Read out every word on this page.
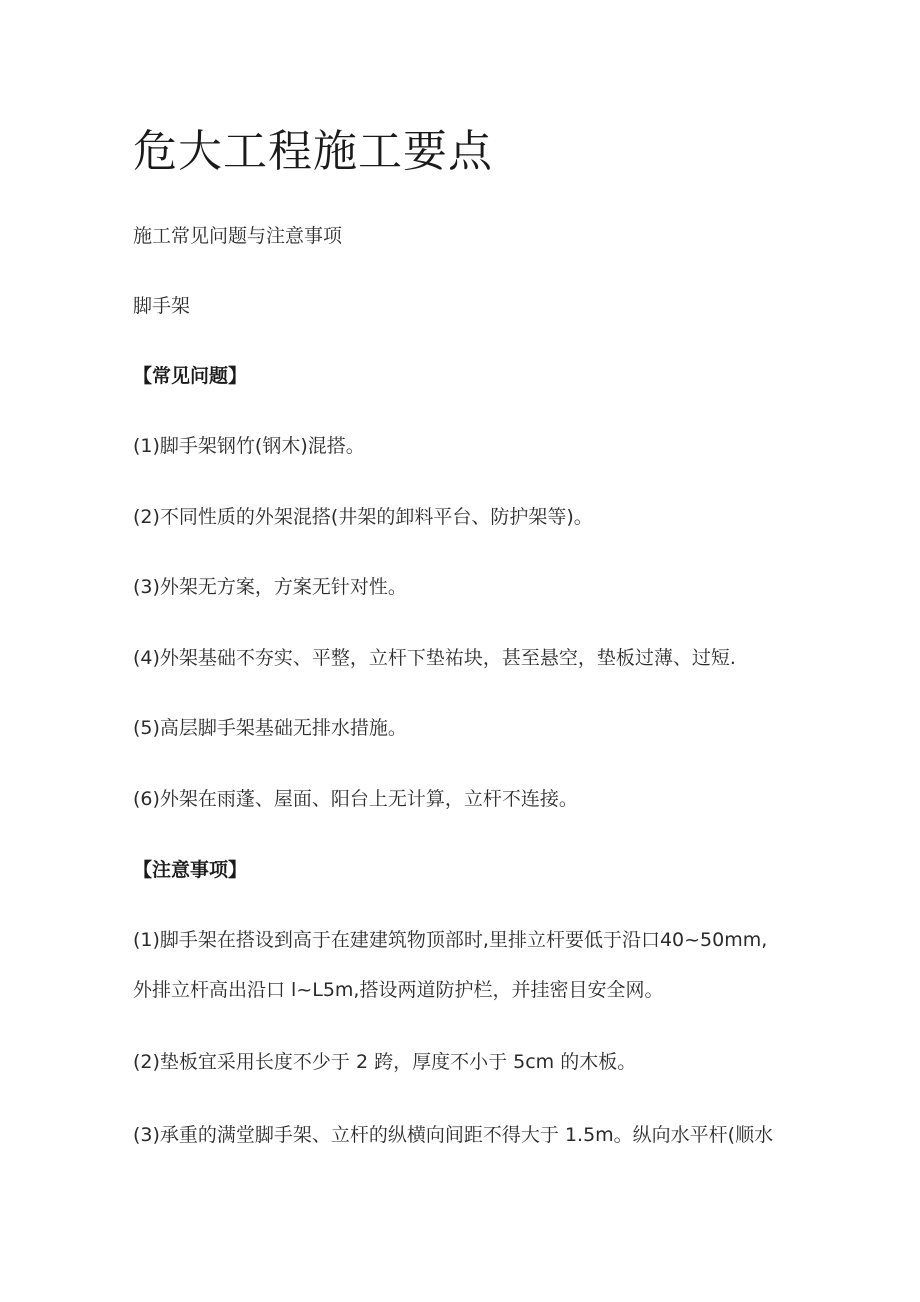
危大工程施工要点

施工常见问题与注意事项

脚手架

【常见问题】

(1)脚手架钢竹(钢木)混搭。

(2)不同性质的外架混搭(井架的卸料平台、防护架等)。

(3)外架无方案，方案无针对性。

(4)外架基础不夯实、平整，立杆下垫祐块，甚至悬空，垫板过薄、过短.

(5)高层脚手架基础无排水措施。

(6)外架在雨蓬、屋面、阳台上无计算，立杆不连接。

【注意事项】

(1)脚手架在搭设到高于在建建筑物顶部时,里排立杆要低于沿口40~50mm,

外排立杆高出沿口 l~L5m,搭设两道防护栏，并挂密目安全网。

(2)垫板宜采用长度不少于 2 跨，厚度不小于 5cm 的木板。

(3)承重的满堂脚手架、立杆的纵横向间距不得大于 1.5m。纵向水平杆(顺水
